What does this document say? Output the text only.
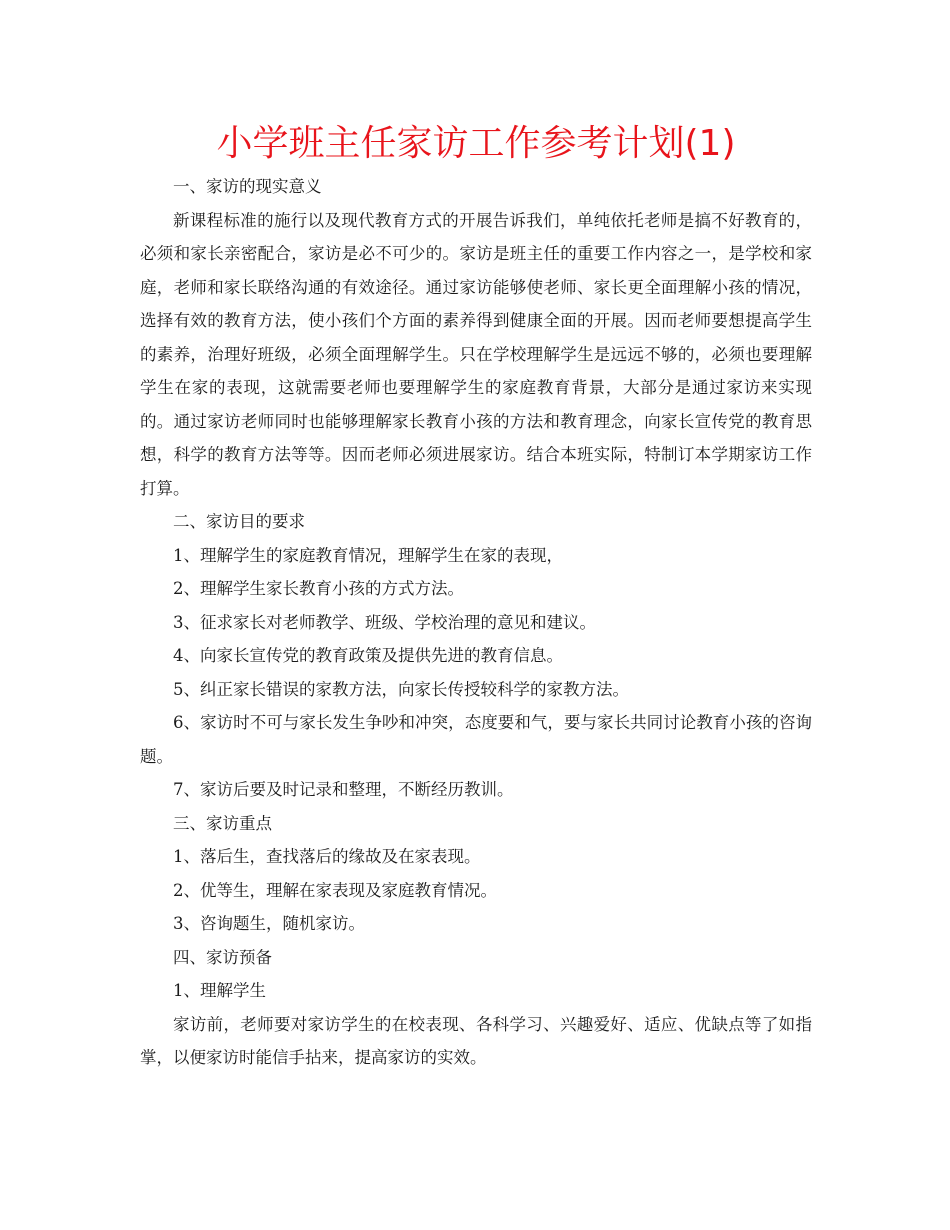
小学班主任家访工作参考计划(1)

一、家访的现实意义

新课程标准的施行以及现代教育方式的开展告诉我们，单纯依托老师是搞不好教育的，必须和家长亲密配合，家访是必不可少的。家访是班主任的重要工作内容之一，是学校和家庭，老师和家长联络沟通的有效途径。通过家访能够使老师、家长更全面理解小孩的情况，选择有效的教育方法，使小孩们个方面的素养得到健康全面的开展。因而老师要想提高学生的素养，治理好班级，必须全面理解学生。只在学校理解学生是远远不够的，必须也要理解学生在家的表现，这就需要老师也要理解学生的家庭教育背景，大部分是通过家访来实现的。通过家访老师同时也能够理解家长教育小孩的方法和教育理念，向家长宣传党的教育思想，科学的教育方法等等。因而老师必须进展家访。结合本班实际，特制订本学期家访工作打算。

二、家访目的要求

1、理解学生的家庭教育情况，理解学生在家的表现，

2、理解学生家长教育小孩的方式方法。

3、征求家长对老师教学、班级、学校治理的意见和建议。

4、向家长宣传党的教育政策及提供先进的教育信息。

5、纠正家长错误的家教方法，向家长传授较科学的家教方法。

6、家访时不可与家长发生争吵和冲突，态度要和气，要与家长共同讨论教育小孩的咨询题。

7、家访后要及时记录和整理，不断经历教训。

三、家访重点

1、落后生，查找落后的缘故及在家表现。

2、优等生，理解在家表现及家庭教育情况。

3、咨询题生，随机家访。

四、家访预备

1、理解学生

家访前，老师要对家访学生的在校表现、各科学习、兴趣爱好、适应、优缺点等了如指掌，以便家访时能信手拈来，提高家访的实效。
